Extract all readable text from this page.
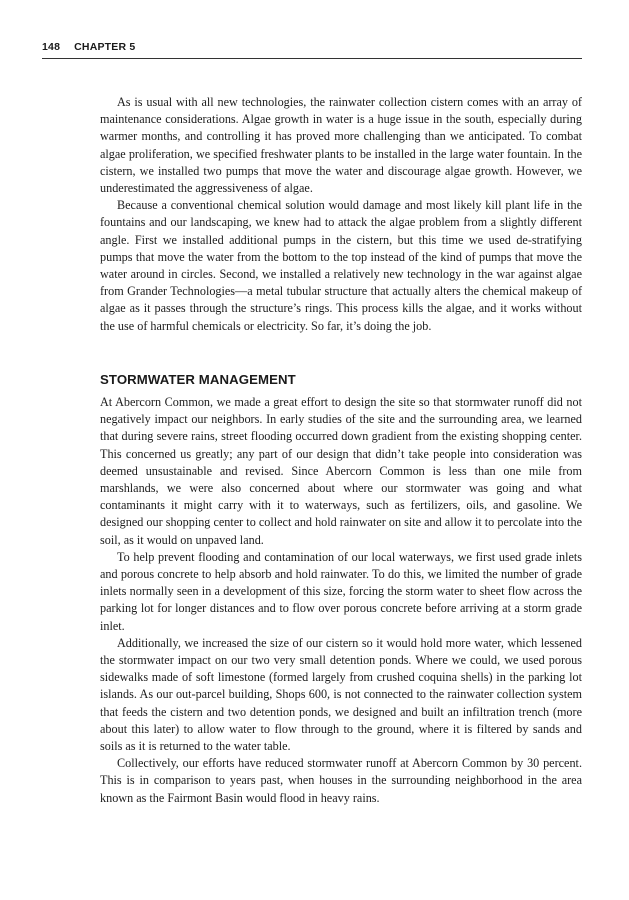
148 CHAPTER 5

As is usual with all new technologies, the rainwater collection cistern comes with an array of maintenance considerations. Algae growth in water is a huge issue in the south, especially during warmer months, and controlling it has proved more challenging than we anticipated. To combat algae proliferation, we specified freshwater plants to be installed in the large water fountain. In the cistern, we installed two pumps that move the water and discourage algae growth. However, we underestimated the aggressiveness of algae.

Because a conventional chemical solution would damage and most likely kill plant life in the fountains and our landscaping, we knew had to attack the algae problem from a slightly different angle. First we installed additional pumps in the cistern, but this time we used de-stratifying pumps that move the water from the bottom to the top instead of the kind of pumps that move the water around in circles. Second, we installed a relatively new technology in the war against algae from Grander Technologies—a metal tubular structure that actually alters the chemical makeup of algae as it passes through the structure’s rings. This process kills the algae, and it works without the use of harmful chemicals or electricity. So far, it’s doing the job.

STORMWATER MANAGEMENT

At Abercorn Common, we made a great effort to design the site so that stormwater runoff did not negatively impact our neighbors. In early studies of the site and the surrounding area, we learned that during severe rains, street flooding occurred down gradient from the existing shopping center. This concerned us greatly; any part of our design that didn’t take people into consideration was deemed unsustainable and revised. Since Abercorn Common is less than one mile from marshlands, we were also concerned about where our stormwater was going and what contaminants it might carry with it to waterways, such as fertilizers, oils, and gasoline. We designed our shopping center to collect and hold rainwater on site and allow it to percolate into the soil, as it would on unpaved land.

To help prevent flooding and contamination of our local waterways, we first used grade inlets and porous concrete to help absorb and hold rainwater. To do this, we limited the number of grade inlets normally seen in a development of this size, forcing the storm water to sheet flow across the parking lot for longer distances and to flow over porous concrete before arriving at a storm grade inlet.

Additionally, we increased the size of our cistern so it would hold more water, which lessened the stormwater impact on our two very small detention ponds. Where we could, we used porous sidewalks made of soft limestone (formed largely from crushed coquina shells) in the parking lot islands. As our out-parcel building, Shops 600, is not connected to the rainwater collection system that feeds the cistern and two detention ponds, we designed and built an infiltration trench (more about this later) to allow water to flow through to the ground, where it is filtered by sands and soils as it is returned to the water table.

Collectively, our efforts have reduced stormwater runoff at Abercorn Common by 30 percent. This is in comparison to years past, when houses in the surrounding neighborhood in the area known as the Fairmont Basin would flood in heavy rains.
